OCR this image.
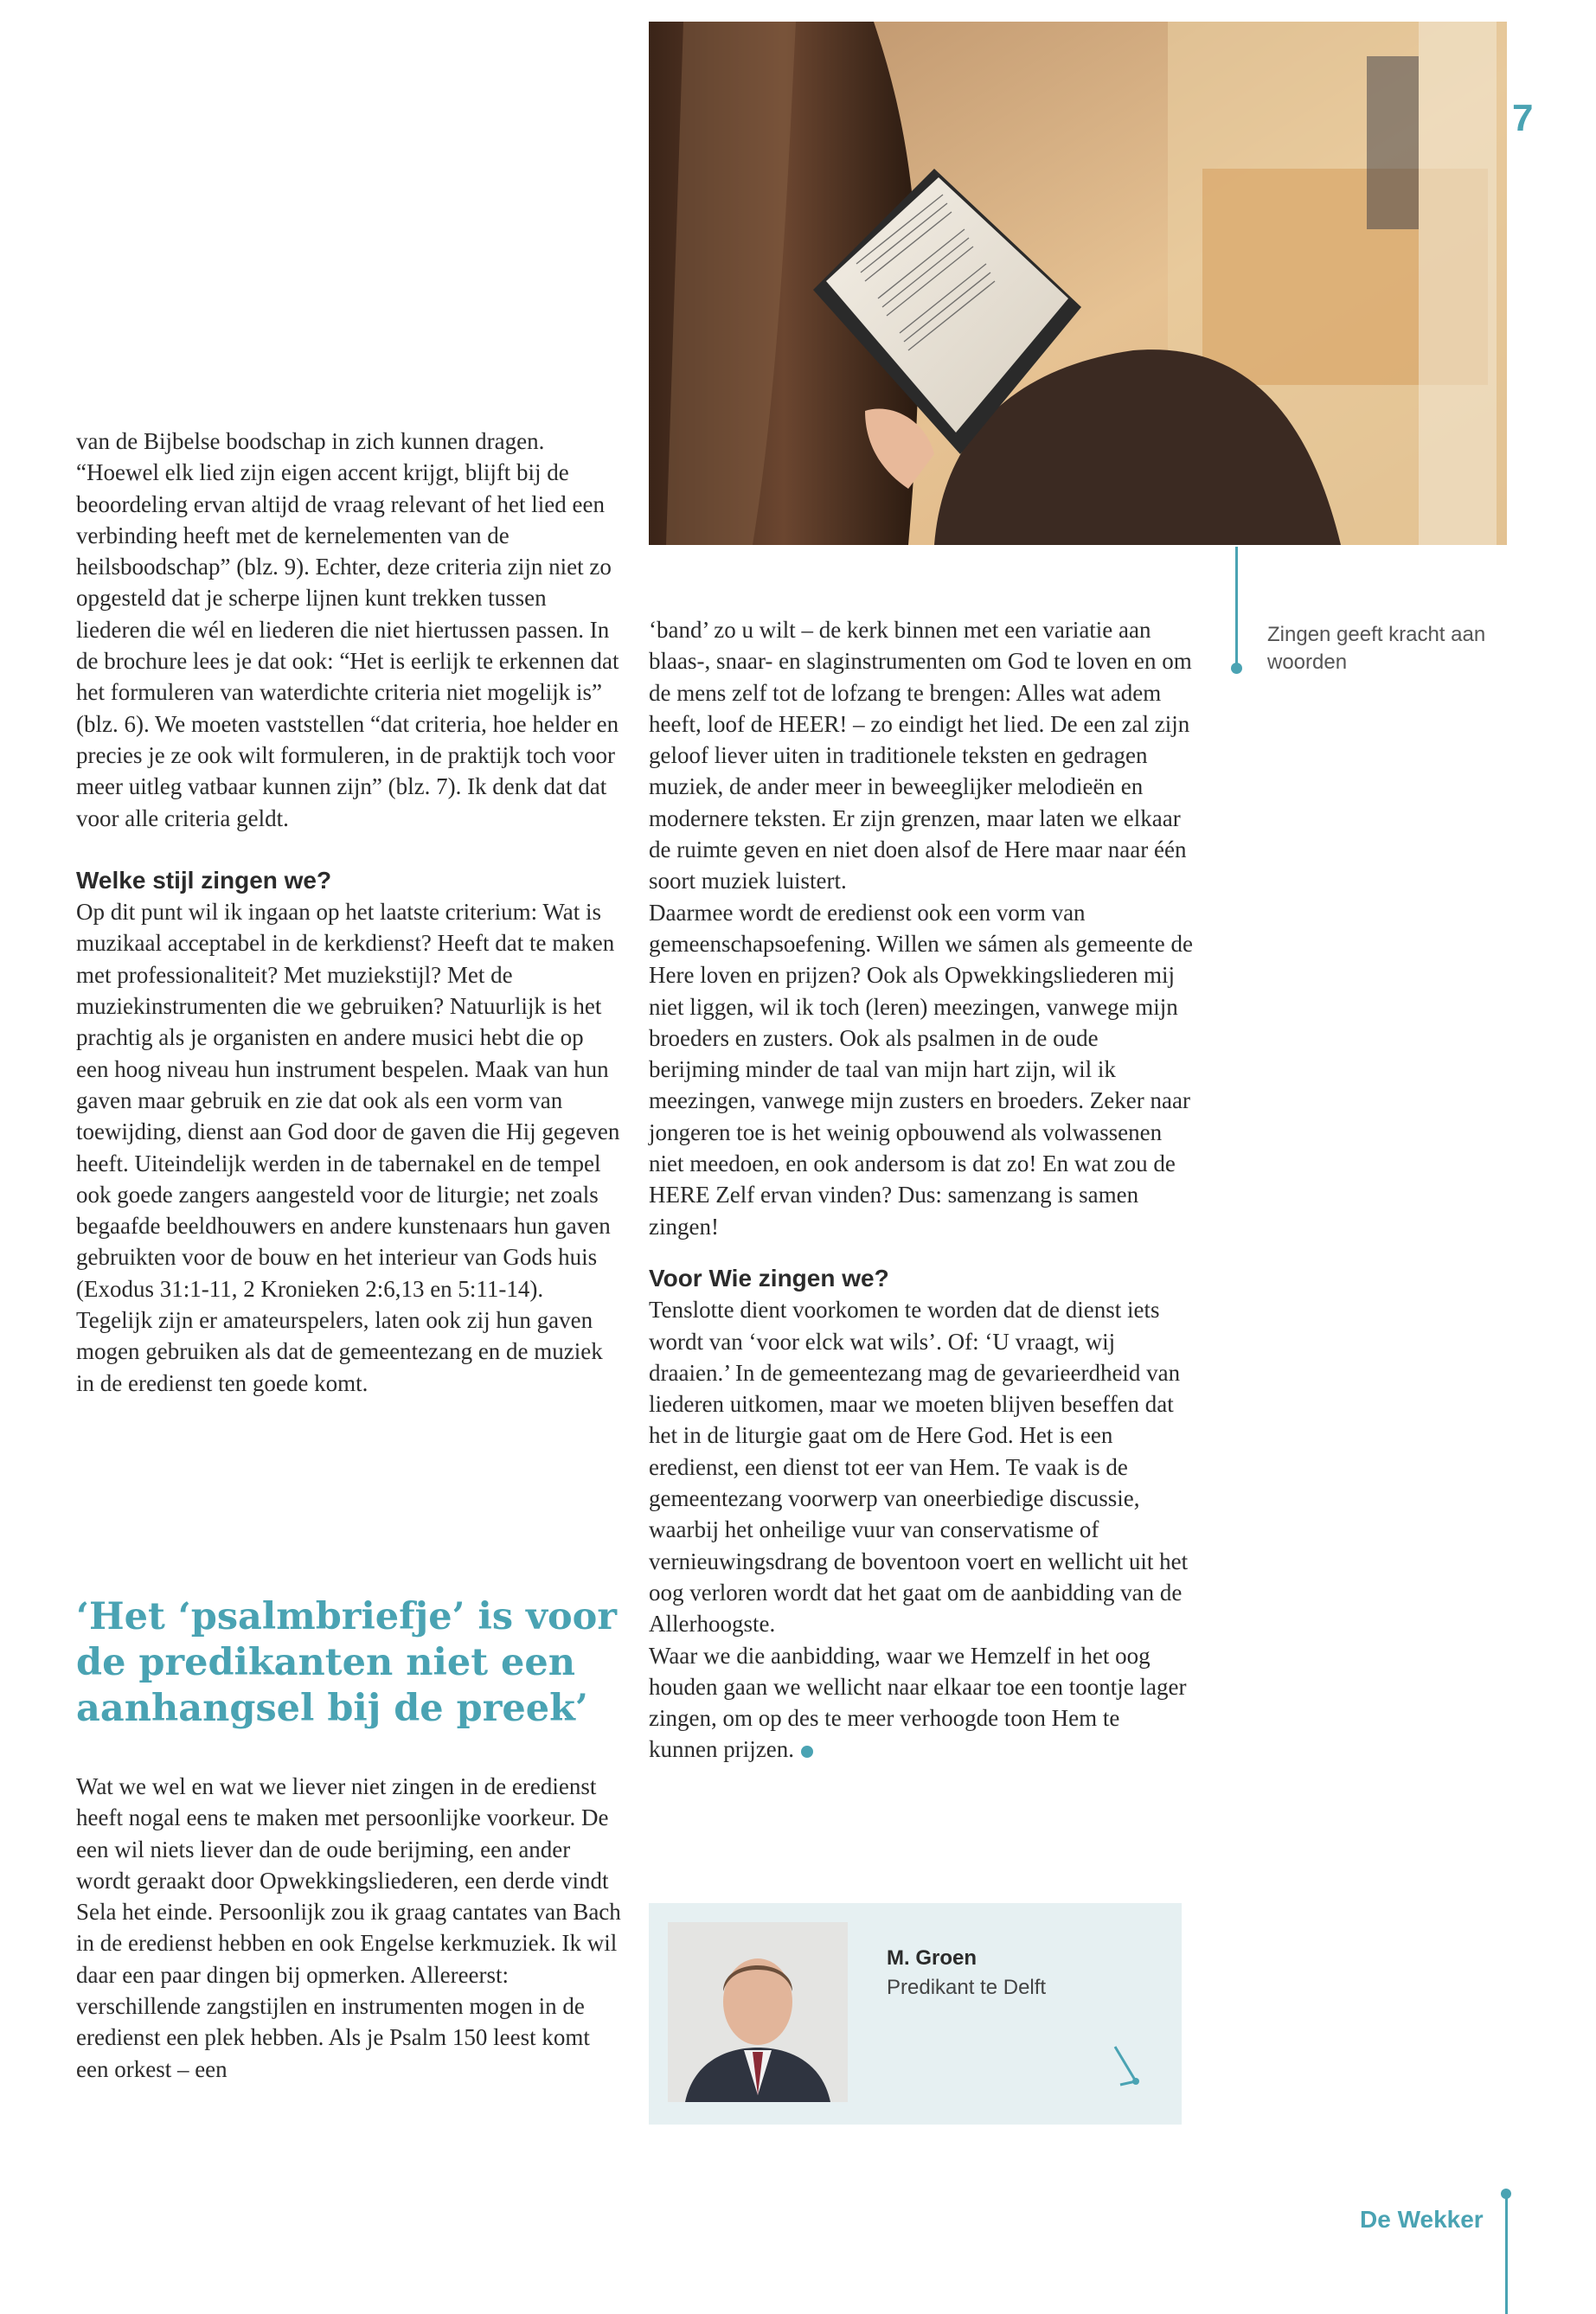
7
Zingen geeft kracht aan woorden

van de Bijbelse boodschap in zich kunnen dragen. “Hoewel elk lied zijn eigen accent krijgt, blijft bij de beoordeling ervan altijd de vraag relevant of het lied een verbinding heeft met de kernelementen van de heilsboodschap” (blz. 9). Echter, deze criteria zijn niet zo opgesteld dat je scherpe lijnen kunt trekken tussen liederen die wél en liederen die niet hiertussen passen. In de brochure lees je dat ook: “Het is eerlijk te erkennen dat het formuleren van waterdichte criteria niet mogelijk is” (blz. 6). We moeten vaststellen “dat criteria, hoe helder en precies je ze ook wilt formuleren, in de praktijk toch voor meer uitleg vatbaar kunnen zijn” (blz. 7). Ik denk dat dat voor alle criteria geldt.

Welke stijl zingen we?

Op dit punt wil ik ingaan op het laatste criterium: Wat is muzikaal acceptabel in de kerkdienst? Heeft dat te maken met professionaliteit? Met muziekstijl? Met de muziekinstrumenten die we gebruiken? Natuurlijk is het prachtig als je organisten en andere musici hebt die op een hoog niveau hun instrument bespelen. Maak van hun gaven maar gebruik en zie dat ook als een vorm van toewijding, dienst aan God door de gaven die Hij gegeven heeft. Uiteindelijk werden in de tabernakel en de tempel ook goede zangers aangesteld voor de liturgie; net zoals begaafde beeldhouwers en andere kunstenaars hun gaven gebruikten voor de bouw en het interieur van Gods huis (Exodus 31:1-11, 2 Kronieken 2:6,13 en 5:11-14). Tegelijk zijn er amateurspelers, laten ook zij hun gaven mogen gebruiken als dat de gemeentezang en de muziek in de eredienst ten goede komt.

‘Het ‘psalmbriefje’ is voor de predikanten niet een aanhangsel bij de preek’

Wat we wel en wat we liever niet zingen in de eredienst heeft nogal eens te maken met persoonlijke voorkeur. De een wil niets liever dan de oude berijming, een ander wordt geraakt door Opwekkingsliederen, een derde vindt Sela het einde. Persoonlijk zou ik graag cantates van Bach in de eredienst hebben en ook Engelse kerkmuziek. Ik wil daar een paar dingen bij opmerken. Allereerst: verschillende zangstijlen en instrumenten mogen in de eredienst een plek hebben. Als je Psalm 150 leest komt een orkest – een

‘band’ zo u wilt – de kerk binnen met een variatie aan blaas-, snaar- en slaginstrumenten om God te loven en om de mens zelf tot de lofzang te brengen: Alles wat adem heeft, loof de HEER! – zo eindigt het lied. De een zal zijn geloof liever uiten in traditionele teksten en gedragen muziek, de ander meer in beweeglijker melodieën en modernere teksten. Er zijn grenzen, maar laten we elkaar de ruimte geven en niet doen alsof de Here maar naar één soort muziek luistert.

Daarmee wordt de eredienst ook een vorm van gemeenschapsoefening. Willen we sámen als gemeente de Here loven en prijzen? Ook als Opwekkingsliederen mij niet liggen, wil ik toch (leren) meezingen, vanwege mijn broeders en zusters. Ook als psalmen in de oude berijming minder de taal van mijn hart zijn, wil ik meezingen, vanwege mijn zusters en broeders. Zeker naar jongeren toe is het weinig opbouwend als volwassenen niet meedoen, en ook andersom is dat zo! En wat zou de HERE Zelf ervan vinden? Dus: samenzang is samen zingen!

Voor Wie zingen we?

Tenslotte dient voorkomen te worden dat de dienst iets wordt van ‘voor elck wat wils’. Of: ‘U vraagt, wij draaien.’ In de gemeentezang mag de gevarieerdheid van liederen uitkomen, maar we moeten blijven beseffen dat het in de liturgie gaat om de Here God. Het is een eredienst, een dienst tot eer van Hem. Te vaak is de gemeentezang voorwerp van oneerbiedige discussie, waarbij het onheilige vuur van conservatisme of vernieuwingsdrang de boventoon voert en wellicht uit het oog verloren wordt dat het gaat om de aanbidding van de Allerhoogste.

Waar we die aanbidding, waar we Hemzelf in het oog houden gaan we wellicht naar elkaar toe een toontje lager zingen, om op des te meer verhoogde toon Hem te kunnen prijzen.

M. Groen
Predikant te Delft
De Wekker
